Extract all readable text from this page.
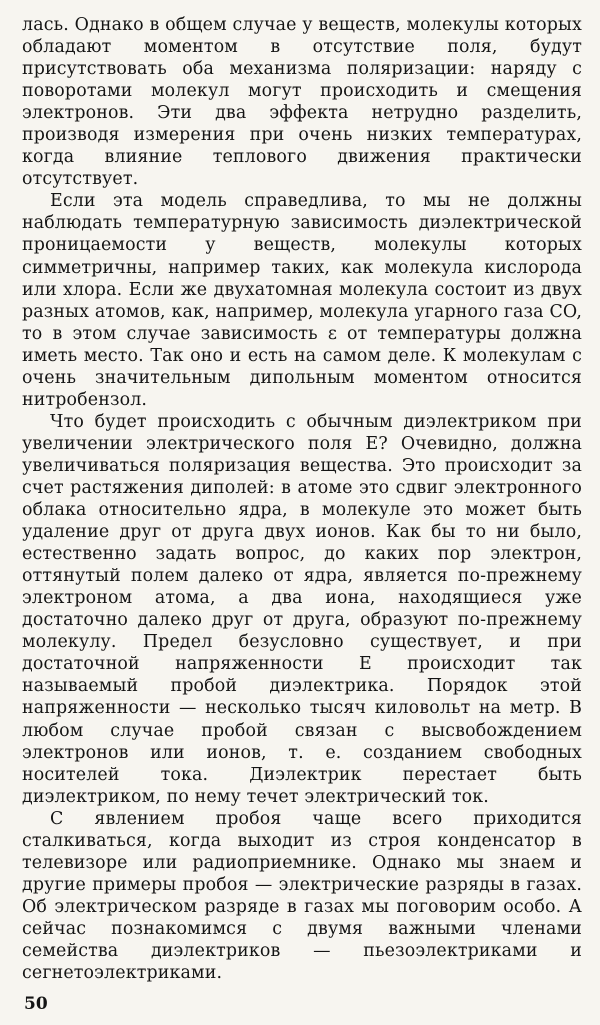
лась. Однако в общем случае у веществ, молекулы которых обладают моментом в отсутствие поля, будут присутствовать оба механизма поляризации: наряду с поворотами молекул могут происходить и смещения электронов. Эти два эффекта нетрудно разделить, производя измерения при очень низких температурах, когда влияние теплового движения практически отсутствует.

Если эта модель справедлива, то мы не должны наблюдать температурную зависимость диэлектрической проницаемости у веществ, молекулы которых симметричны, например таких, как молекула кислорода или хлора. Если же двухатомная молекула состоит из двух разных атомов, как, например, молекула угарного газа CO, то в этом случае зависимость ε от температуры должна иметь место. Так оно и есть на самом деле. К молекулам с очень значительным дипольным моментом относится нитробензол.

Что будет происходить с обычным диэлектриком при увеличении электрического поля E? Очевидно, должна увеличиваться поляризация вещества. Это происходит за счет растяжения диполей: в атоме это сдвиг электронного облака относительно ядра, в молекуле это может быть удаление друг от друга двух ионов. Как бы то ни было, естественно задать вопрос, до каких пор электрон, оттянутый полем далеко от ядра, является по-прежнему электроном атома, а два иона, находящиеся уже достаточно далеко друг от друга, образуют по-прежнему молекулу. Предел безусловно существует, и при достаточной напряженности E происходит так называемый пробой диэлектрика. Порядок этой напряженности — несколько тысяч киловольт на метр. В любом случае пробой связан с высвобождением электронов или ионов, т. е. созданием свободных носителей тока. Диэлектрик перестает быть диэлектриком, по нему течет электрический ток.

С явлением пробоя чаще всего приходится сталкиваться, когда выходит из строя конденсатор в телевизоре или радиоприемнике. Однако мы знаем и другие примеры пробоя — электрические разряды в газах. Об электрическом разряде в газах мы поговорим особо. А сейчас познакомимся с двумя важными членами семейства диэлектриков — пьезоэлектриками и сегнетоэлектриками.

50
